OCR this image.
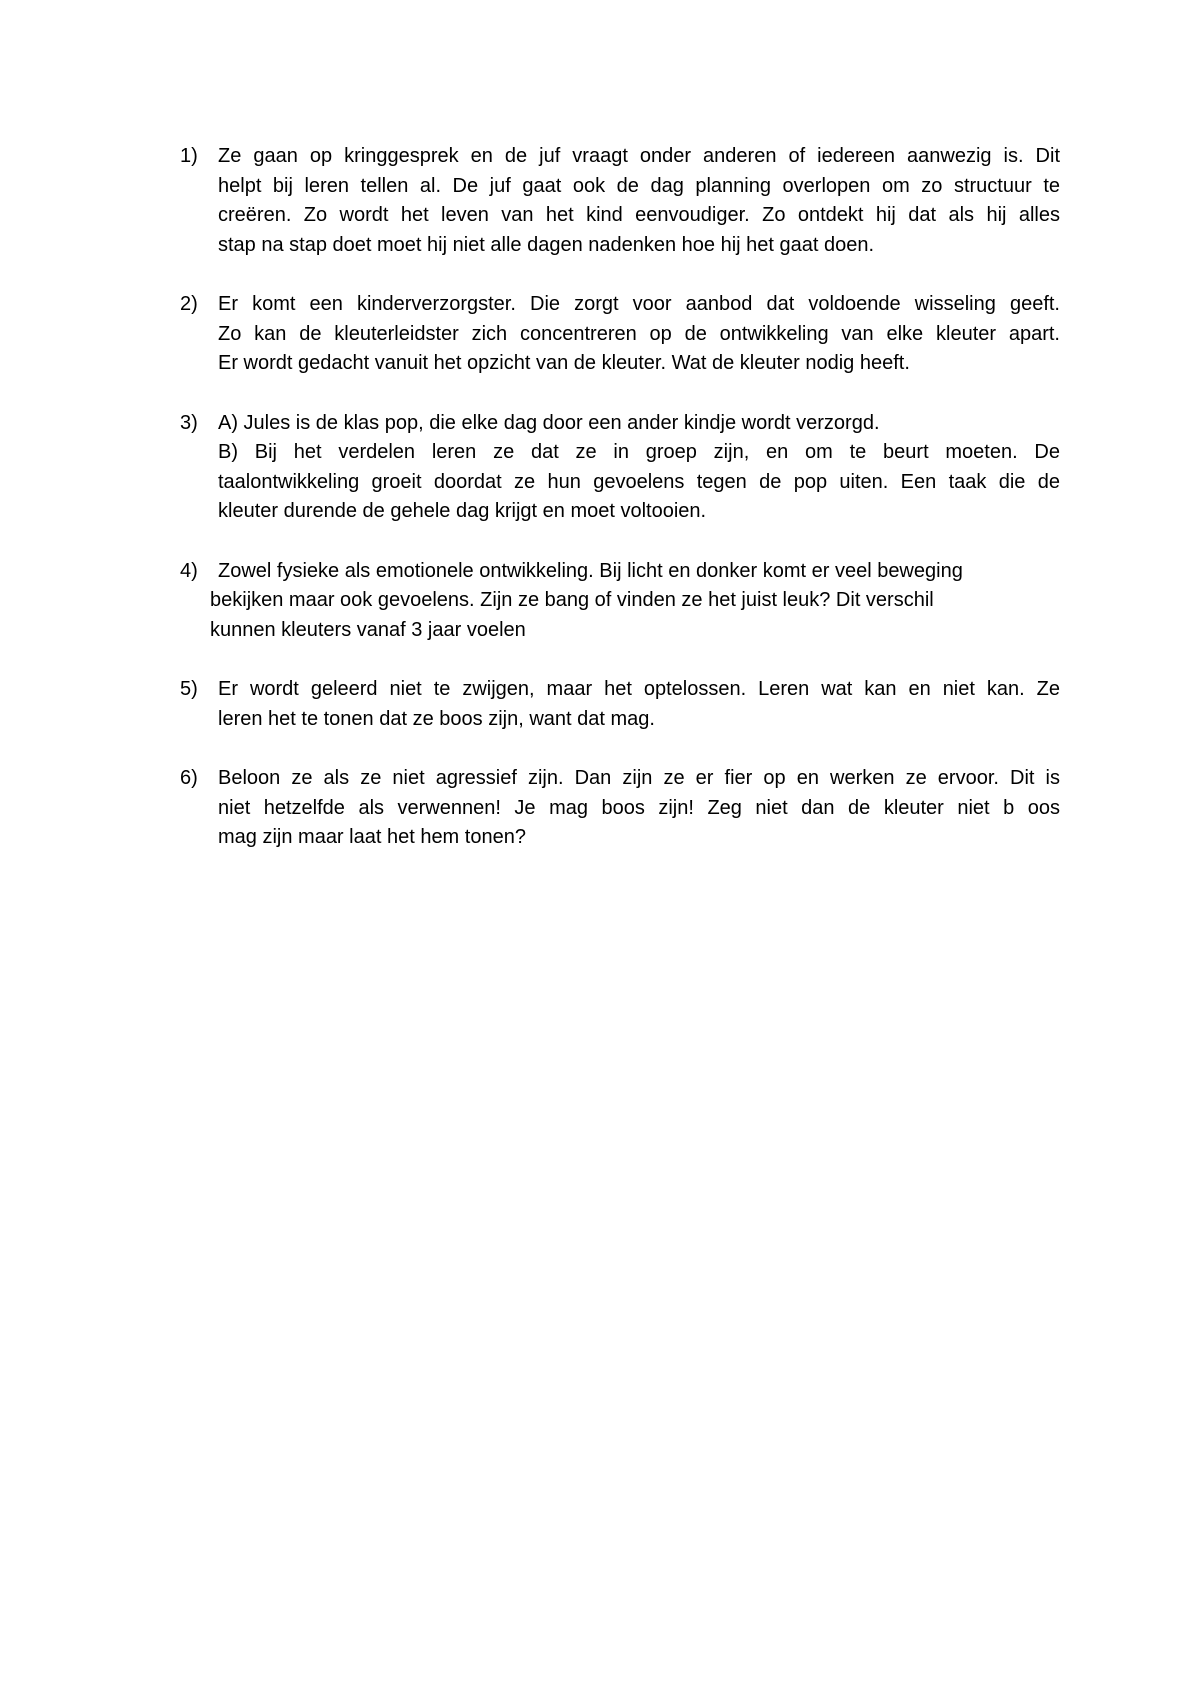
1)	Ze gaan op kringgesprek en de juf vraagt onder anderen of iedereen aanwezig is. Dit
helpt bij leren tellen al. De juf gaat ook de dag planning overlopen om zo structuur te
creëren. Zo wordt het leven van het kind eenvoudiger. Zo ontdekt hij dat als hij alles
stap na stap doet moet hij niet alle dagen nadenken hoe hij het gaat doen.
2)	Er komt een kinderverzorgster. Die zorgt voor aanbod dat voldoende wisseling geeft.
Zo kan de kleuterleidster zich concentreren op de ontwikkeling van elke kleuter apart.
Er wordt gedacht vanuit het opzicht van de kleuter. Wat de kleuter nodig heeft.
3)	A) Jules is de klas pop, die elke dag door een ander kindje wordt verzorgd.
B) Bij het verdelen leren ze dat ze in groep zijn, en om te beurt moeten. De
taalontwikkeling groeit doordat ze hun gevoelens tegen de pop uiten. Een taak die de
kleuter durende de gehele dag krijgt en moet voltooien.
4)	Zowel fysieke als emotionele ontwikkeling. Bij licht en donker komt er veel beweging
bekijken maar ook gevoelens. Zijn ze bang of vinden ze het juist leuk? Dit verschil
kunnen kleuters vanaf 3 jaar voelen
5)	Er wordt geleerd niet te zwijgen, maar het optelossen. Leren wat kan en niet kan. Ze
leren het te tonen dat ze boos zijn, want dat mag.
6)	Beloon ze als ze niet agressief zijn. Dan zijn ze er fier op en werken ze ervoor. Dit is
niet hetzelfde als verwennen! Je mag boos zijn! Zeg niet dan de kleuter niet b oos
mag zijn maar laat het hem tonen?
